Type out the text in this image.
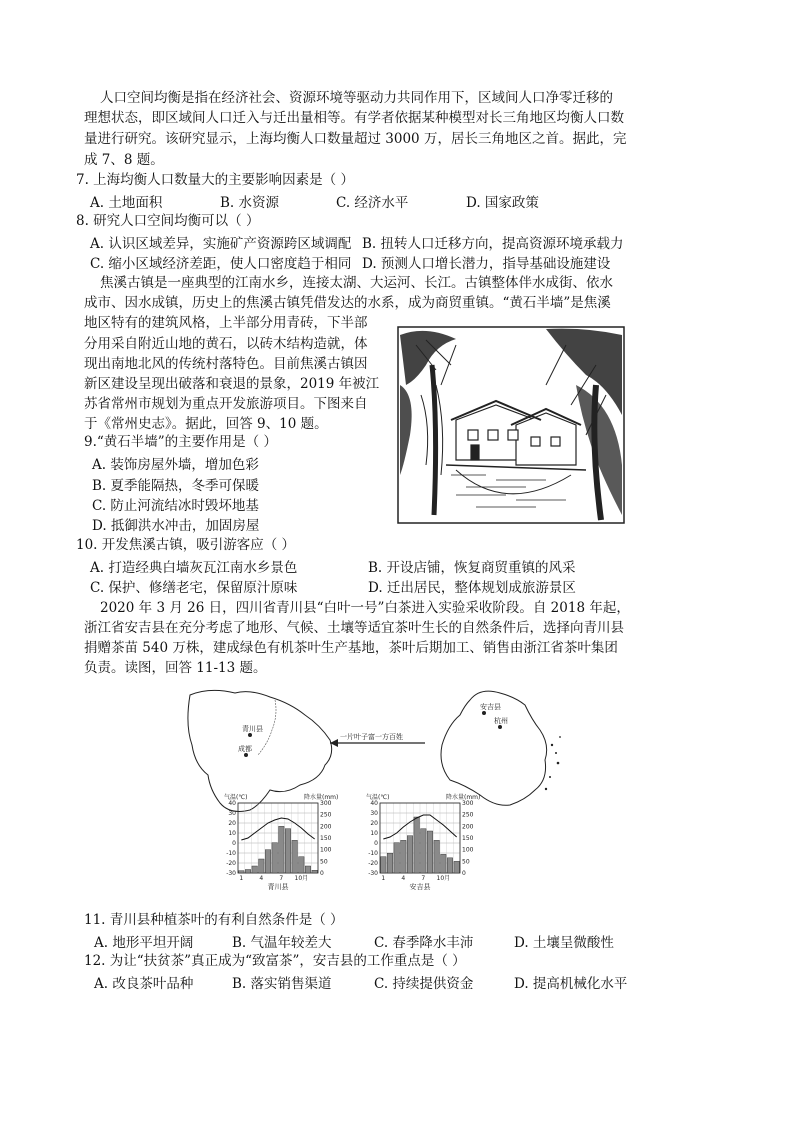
人口空间均衡是指在经济社会、资源环境等驱动力共同作用下，区域间人口净零迁移的
理想状态，即区域间人口迁入与迁出量相等。有学者依据某种模型对长三角地区均衡人口数
量进行研究。该研究显示，上海均衡人口数量超过 3000 万，居长三角地区之首。据此，完
成 7、8 题。
7. 上海均衡人口数量大的主要影响因素是（ ）
A. 土地面积	B. 水资源	C. 经济水平	D. 国家政策
8. 研究人口空间均衡可以（ ）
A. 认识区域差异，实施矿产资源跨区域调配 B. 扭转人口迁移方向，提高资源环境承载力
C. 缩小区域经济差距，使人口密度趋于相同 D. 预测人口增长潜力，指导基础设施建设
焦溪古镇是一座典型的江南水乡，连接太湖、大运河、长江。古镇整体伴水成街、依水
成市、因水成镇，历史上的焦溪古镇凭借发达的水系，成为商贸重镇。“黄石半墙”是焦溪
地区特有的建筑风格，上半部分用青砖，下半部
分用采自附近山地的黄石，以砖木结构造就，体
现出南地北风的传统村落特色。目前焦溪古镇因
新区建设呈现出破落和衰退的景象，2019 年被江
苏省常州市规划为重点开发旅游项目。下图来自
于《常州史志》。据此，回答 9、10 题。
9.“黄石半墙”的主要作用是（ ）
A. 装饰房屋外墙，增加色彩
B. 夏季能隔热，冬季可保暖
C. 防止河流结冰时毁坏地基
D. 抵御洪水冲击，加固房屋
10. 开发焦溪古镇，吸引游客应（ ）
A. 打造经典白墙灰瓦江南水乡景色	B. 开设店铺，恢复商贸重镇的风采
C. 保护、修缮老宅，保留原汁原味	D. 迁出居民，整体规划成旅游景区
2020 年 3 月 26 日，四川省青川县“白叶一号”白茶进入实验采收阶段。自 2018 年起，
浙江省安吉县在充分考虑了地形、气候、土壤等适宜茶叶生长的自然条件后，选择向青川县
捐赠茶苗 540 万株，建成绿色有机茶叶生产基地，茶叶后期加工、销售由浙江省茶叶集团
负责。读图，回答 11-13 题。
青川县
成都
一片叶子富一方百姓
安吉县
杭州
气温(℃)	降水量(mm)
40
30
20
10
0
-10
-20
-30
300
250
200
150
100
50
0
1	4	7 10月
青川县
气温(℃)	降水量(mm)
40
30
20
10
0
-10
-20
-30
300
250
200
150
100
50
0
1	4	7 10月
安吉县
11. 青川县种植茶叶的有利自然条件是（ ）
A. 地形平坦开阔	B. 气温年较差大	C. 春季降水丰沛	D. 土壤呈微酸性
12. 为让“扶贫茶”真正成为“致富茶”，安吉县的工作重点是（ ）
A. 改良茶叶品种	B. 落实销售渠道	C. 持续提供资金	D. 提高机械化水平
